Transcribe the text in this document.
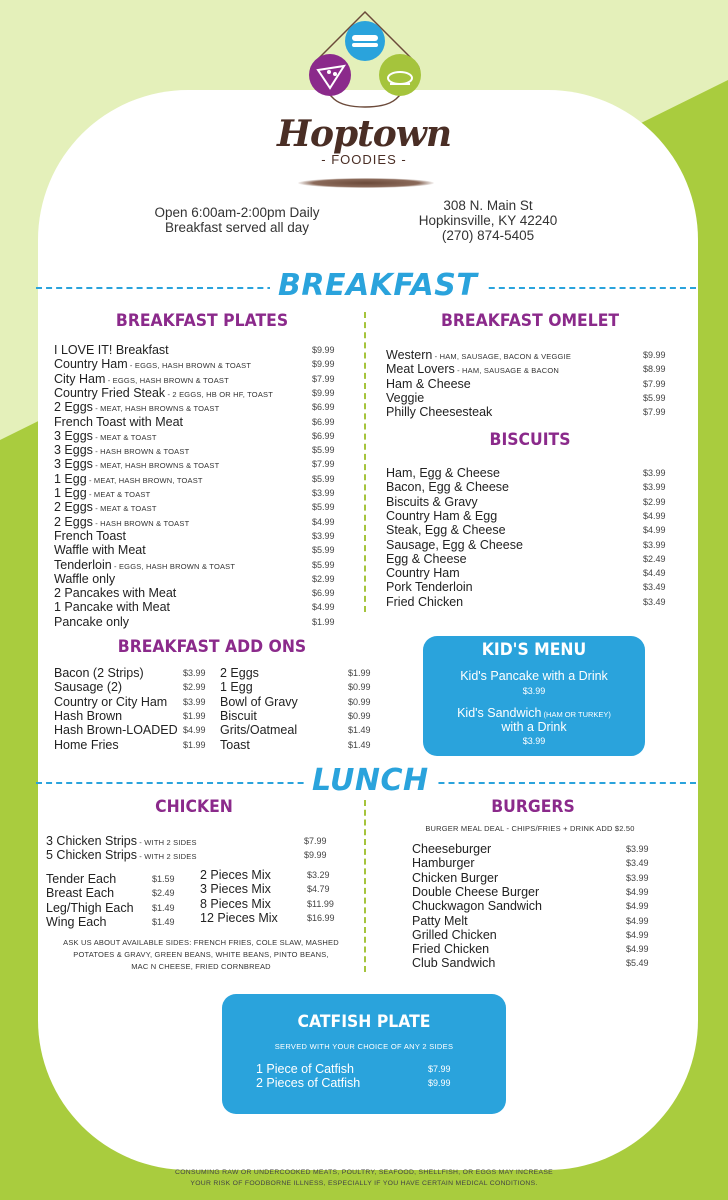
Hoptown
- FOODIES -
Open 6:00am-2:00pm Daily
Breakfast served all day
308 N. Main St
Hopkinsville, KY 42240
(270) 874-5405
BREAKFAST
BREAKFAST PLATES
I LOVE IT! Breakfast	$9.99
Country Ham - EGGS, HASH BROWN & TOAST	$9.99
City Ham - EGGS, HASH BROWN & TOAST	$7.99
Country Fried Steak - 2 EGGS, HB OR HF, TOAST	$9.99
2 Eggs - MEAT, HASH BROWNS & TOAST	$6.99
French Toast with Meat	$6.99
3 Eggs - MEAT & TOAST	$6.99
3 Eggs - HASH BROWN & TOAST	$5.99
3 Eggs - MEAT, HASH BROWNS & TOAST	$7.99
1 Egg - MEAT, HASH BROWN, TOAST	$5.99
1 Egg - MEAT & TOAST	$3.99
2 Eggs - MEAT & TOAST	$5.99
2 Eggs - HASH BROWN & TOAST	$4.99
French Toast	$3.99
Waffle with Meat	$5.99
Tenderloin - EGGS, HASH BROWN & TOAST	$5.99
Waffle only	$2.99
2 Pancakes with Meat	$6.99
1 Pancake with Meat	$4.99
Pancake only	$1.99
BREAKFAST OMELET
Western - HAM, SAUSAGE, BACON & VEGGIE	$9.99
Meat Lovers - HAM, SAUSAGE & BACON	$8.99
Ham & Cheese	$7.99
Veggie	$5.99
Philly Cheesesteak	$7.99
BISCUITS
Ham, Egg & Cheese	$3.99
Bacon, Egg & Cheese	$3.99
Biscuits & Gravy	$2.99
Country Ham & Egg	$4.99
Steak, Egg & Cheese	$4.99
Sausage, Egg & Cheese	$3.99
Egg & Cheese	$2.49
Country Ham	$4.49
Pork Tenderloin	$3.49
Fried Chicken	$3.49
BREAKFAST ADD ONS
Bacon (2 Strips)	$3.99
Sausage (2)	$2.99
Country or City Ham $3.99
Hash Brown	$1.99
Hash Brown-LOADED $4.99
Home Fries	$1.99
2 Eggs	$1.99
1 Egg	$0.99
Bowl of Gravy	$0.99
Biscuit	$0.99
Grits/Oatmeal	$1.49
Toast	$1.49
KID'S MENU
Kid's Pancake with a Drink
$3.99
Kid's Sandwich (HAM OR TURKEY)
with a Drink
$3.99
LUNCH
CHICKEN
3 Chicken Strips - WITH 2 SIDES	$7.99
5 Chicken Strips - WITH 2 SIDES	$9.99
Tender Each	$1.59
Breast Each	$2.49
Leg/Thigh Each $1.49
Wing Each	$1.49
2 Pieces Mix	$3.29
3 Pieces Mix	$4.79
8 Pieces Mix	$11.99
12 Pieces Mix	$16.99
ASK US ABOUT AVAILABLE SIDES: FRENCH FRIES, COLE SLAW, MASHED
POTATOES & GRAVY, GREEN BEANS, WHITE BEANS, PINTO BEANS,
MAC N CHEESE, FRIED CORNBREAD
BURGERS
BURGER MEAL DEAL - CHIPS/FRIES + DRINK ADD $2.50
Cheeseburger	$3.99
Hamburger	$3.49
Chicken Burger	$3.99
Double Cheese Burger	$4.99
Chuckwagon Sandwich	$4.99
Patty Melt	$4.99
Grilled Chicken	$4.99
Fried Chicken	$4.99
Club Sandwich	$5.49
CATFISH PLATE
SERVED WITH YOUR CHOICE OF ANY 2 SIDES
1 Piece of Catfish	$7.99
2 Pieces of Catfish	$9.99
CONSUMING RAW OR UNDERCOOKED MEATS, POULTRY, SEAFOOD, SHELLFISH, OR EGGS MAY INCREASE
YOUR RISK OF FOODBORNE ILLNESS, ESPECIALLY IF YOU HAVE CERTAIN MEDICAL CONDITIONS.
